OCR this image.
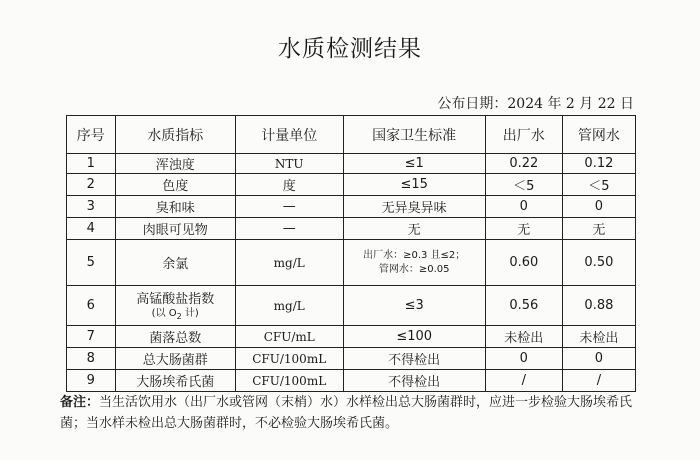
水质检测结果
公布日期：2024 年 2 月 22 日
序号	水质指标	计量单位	国家卫生标准	出厂水	管网水
1	浑浊度	NTU	≤1	0.22	0.12
2	色度	度	≤15	＜5	＜5
3	臭和味	—	无异臭异味	0	0
4	肉眼可见物	—	无	无	无
5	余氯	mg/L	出厂水：≥0.3 且≤2；
管网水：≥0.05	0.60	0.50
6	高锰酸盐指数
(以 $O_2$ 计)	mg/L	≤3	0.56	0.88
7	菌落总数	CFU/mL	≤100	未检出	未检出
8	总大肠菌群	CFU/100mL	不得检出	0	0
9	大肠埃希氏菌	CFU/100mL	不得检出	/	/
备注：当生活饮用水（出厂水或管网（末梢）水）水样检出总大肠菌群时，应进一步检验大肠埃希氏菌；当水样未检出总大肠菌群时，不必检验大肠埃希氏菌。
